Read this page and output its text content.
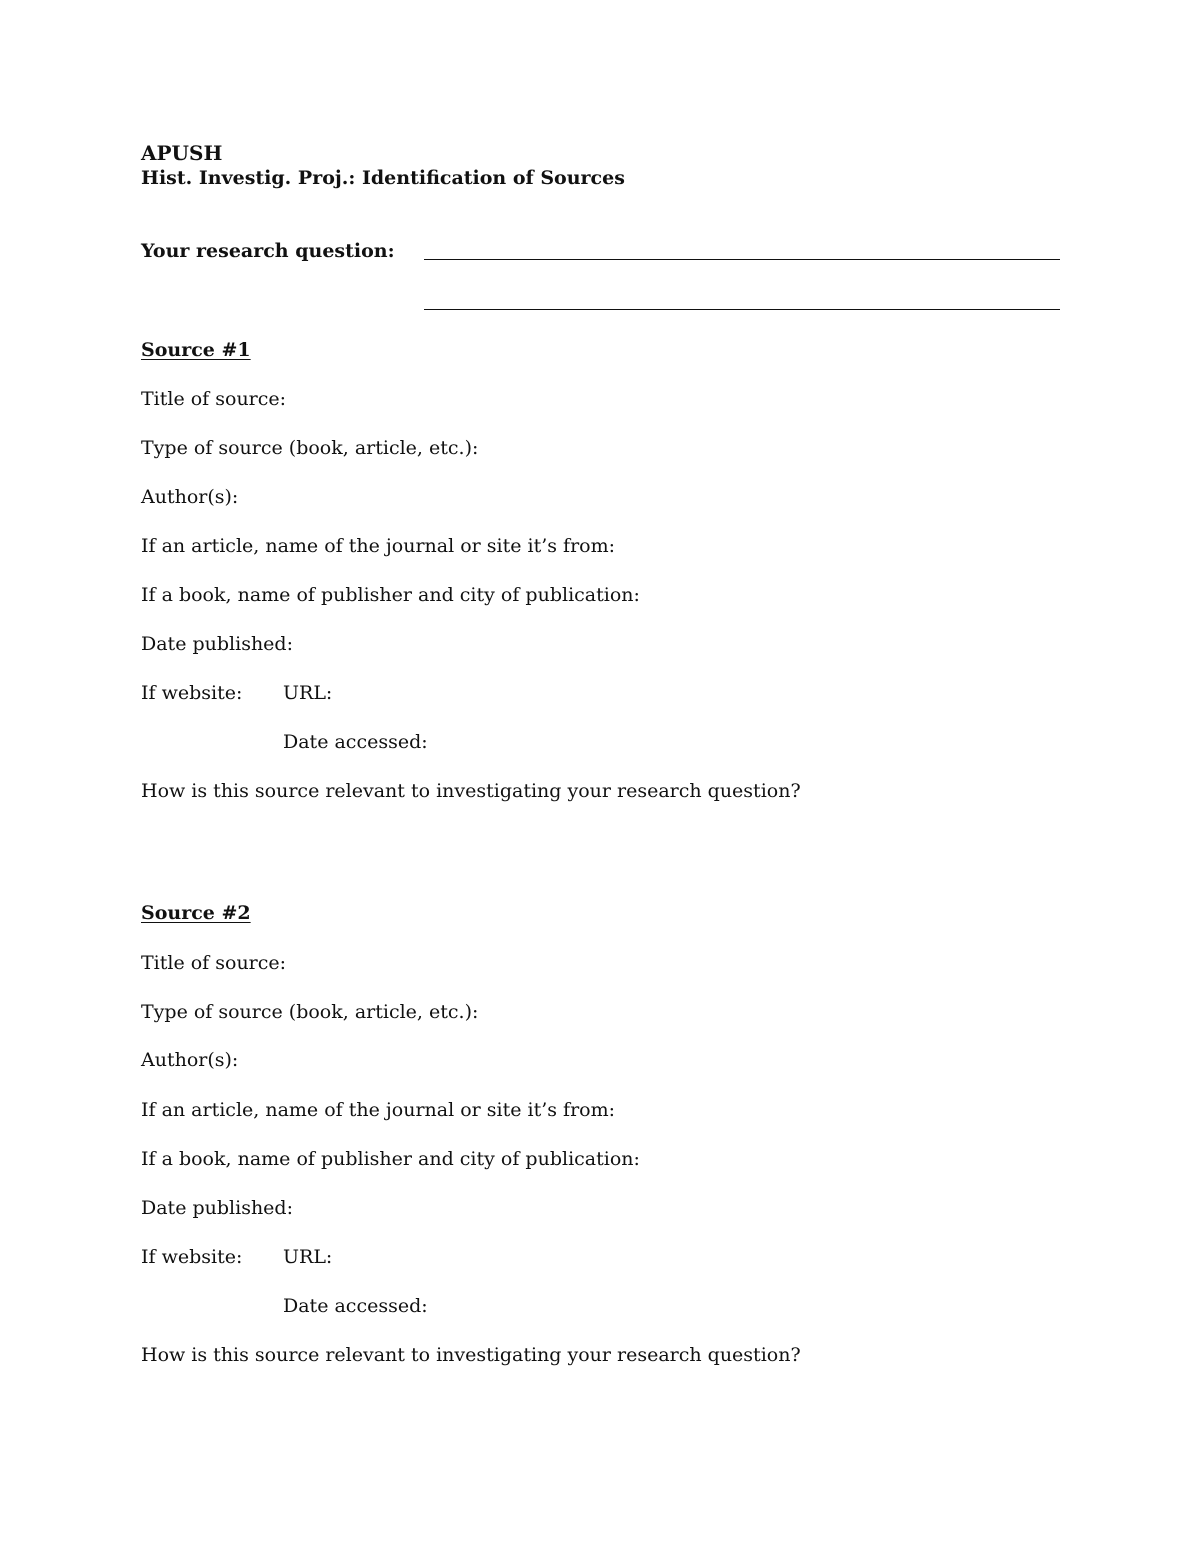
APUSH
Hist. Investig. Proj.: Identification of Sources
Your research question:
Source #1
Title of source:
Type of source (book, article, etc.):
Author(s):
If an article, name of the journal or site it’s from:
If a book, name of publisher and city of publication:
Date published:
If website: URL:
Date accessed:
How is this source relevant to investigating your research question?
Source #2
Title of source:
Type of source (book, article, etc.):
Author(s):
If an article, name of the journal or site it’s from:
If a book, name of publisher and city of publication:
Date published:
If website: URL:
Date accessed:
How is this source relevant to investigating your research question?
